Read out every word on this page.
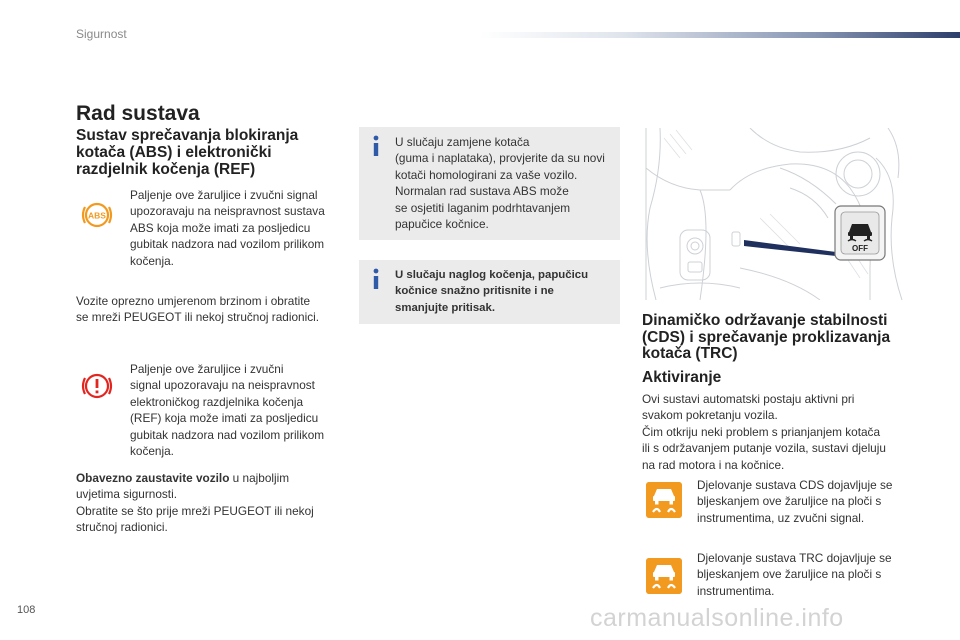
Sigurnost
Rad sustava
Sustav sprečavanja blokiranja
kotača (ABS) i elektronički
razdjelnik kočenja (REF)
ABS
Paljenje ove žaruljice i zvučni signal
upozoravaju na neispravnost sustava
ABS koja može imati za posljedicu
gubitak nadzora nad vozilom prilikom
kočenja.
Vozite oprezno umjerenom brzinom i obratite
se mreži PEUGEOT ili nekoj stručnoj radionici.
Paljenje ove žaruljice i zvučni
signal upozoravaju na neispravnost
elektroničkog razdjelnika kočenja
(REF) koja može imati za posljedicu
gubitak nadzora nad vozilom prilikom
kočenja.
Obavezno zaustavite vozilo u najboljim
uvjetima sigurnosti.
Obratite se što prije mreži PEUGEOT ili nekoj
stručnoj radionici.
U slučaju zamjene kotača
(guma i naplataka), provjerite da su novi
kotači homologirani za vaše vozilo.
Normalan rad sustava ABS može
se osjetiti laganim podrhtavanjem
papučice kočnice.
U slučaju naglog kočenja, papučicu
kočnice snažno pritisnite i ne
smanjujte pritisak.
OFF
Dinamičko održavanje stabilnosti
(CDS) i sprečavanje proklizavanja
kotača (TRC)
Aktiviranje
Ovi sustavi automatski postaju aktivni pri
svakom pokretanju vozila.
Čim otkriju neki problem s prianjanjem kotača
ili s održavanjem putanje vozila, sustavi djeluju
na rad motora i na kočnice.
Djelovanje sustava CDS dojavljuje se
bljeskanjem ove žaruljice na ploči s
instrumentima, uz zvučni signal.
Djelovanje sustava TRC dojavljuje se
bljeskanjem ove žaruljice na ploči s
instrumentima.
108	carmanualsonline.info
